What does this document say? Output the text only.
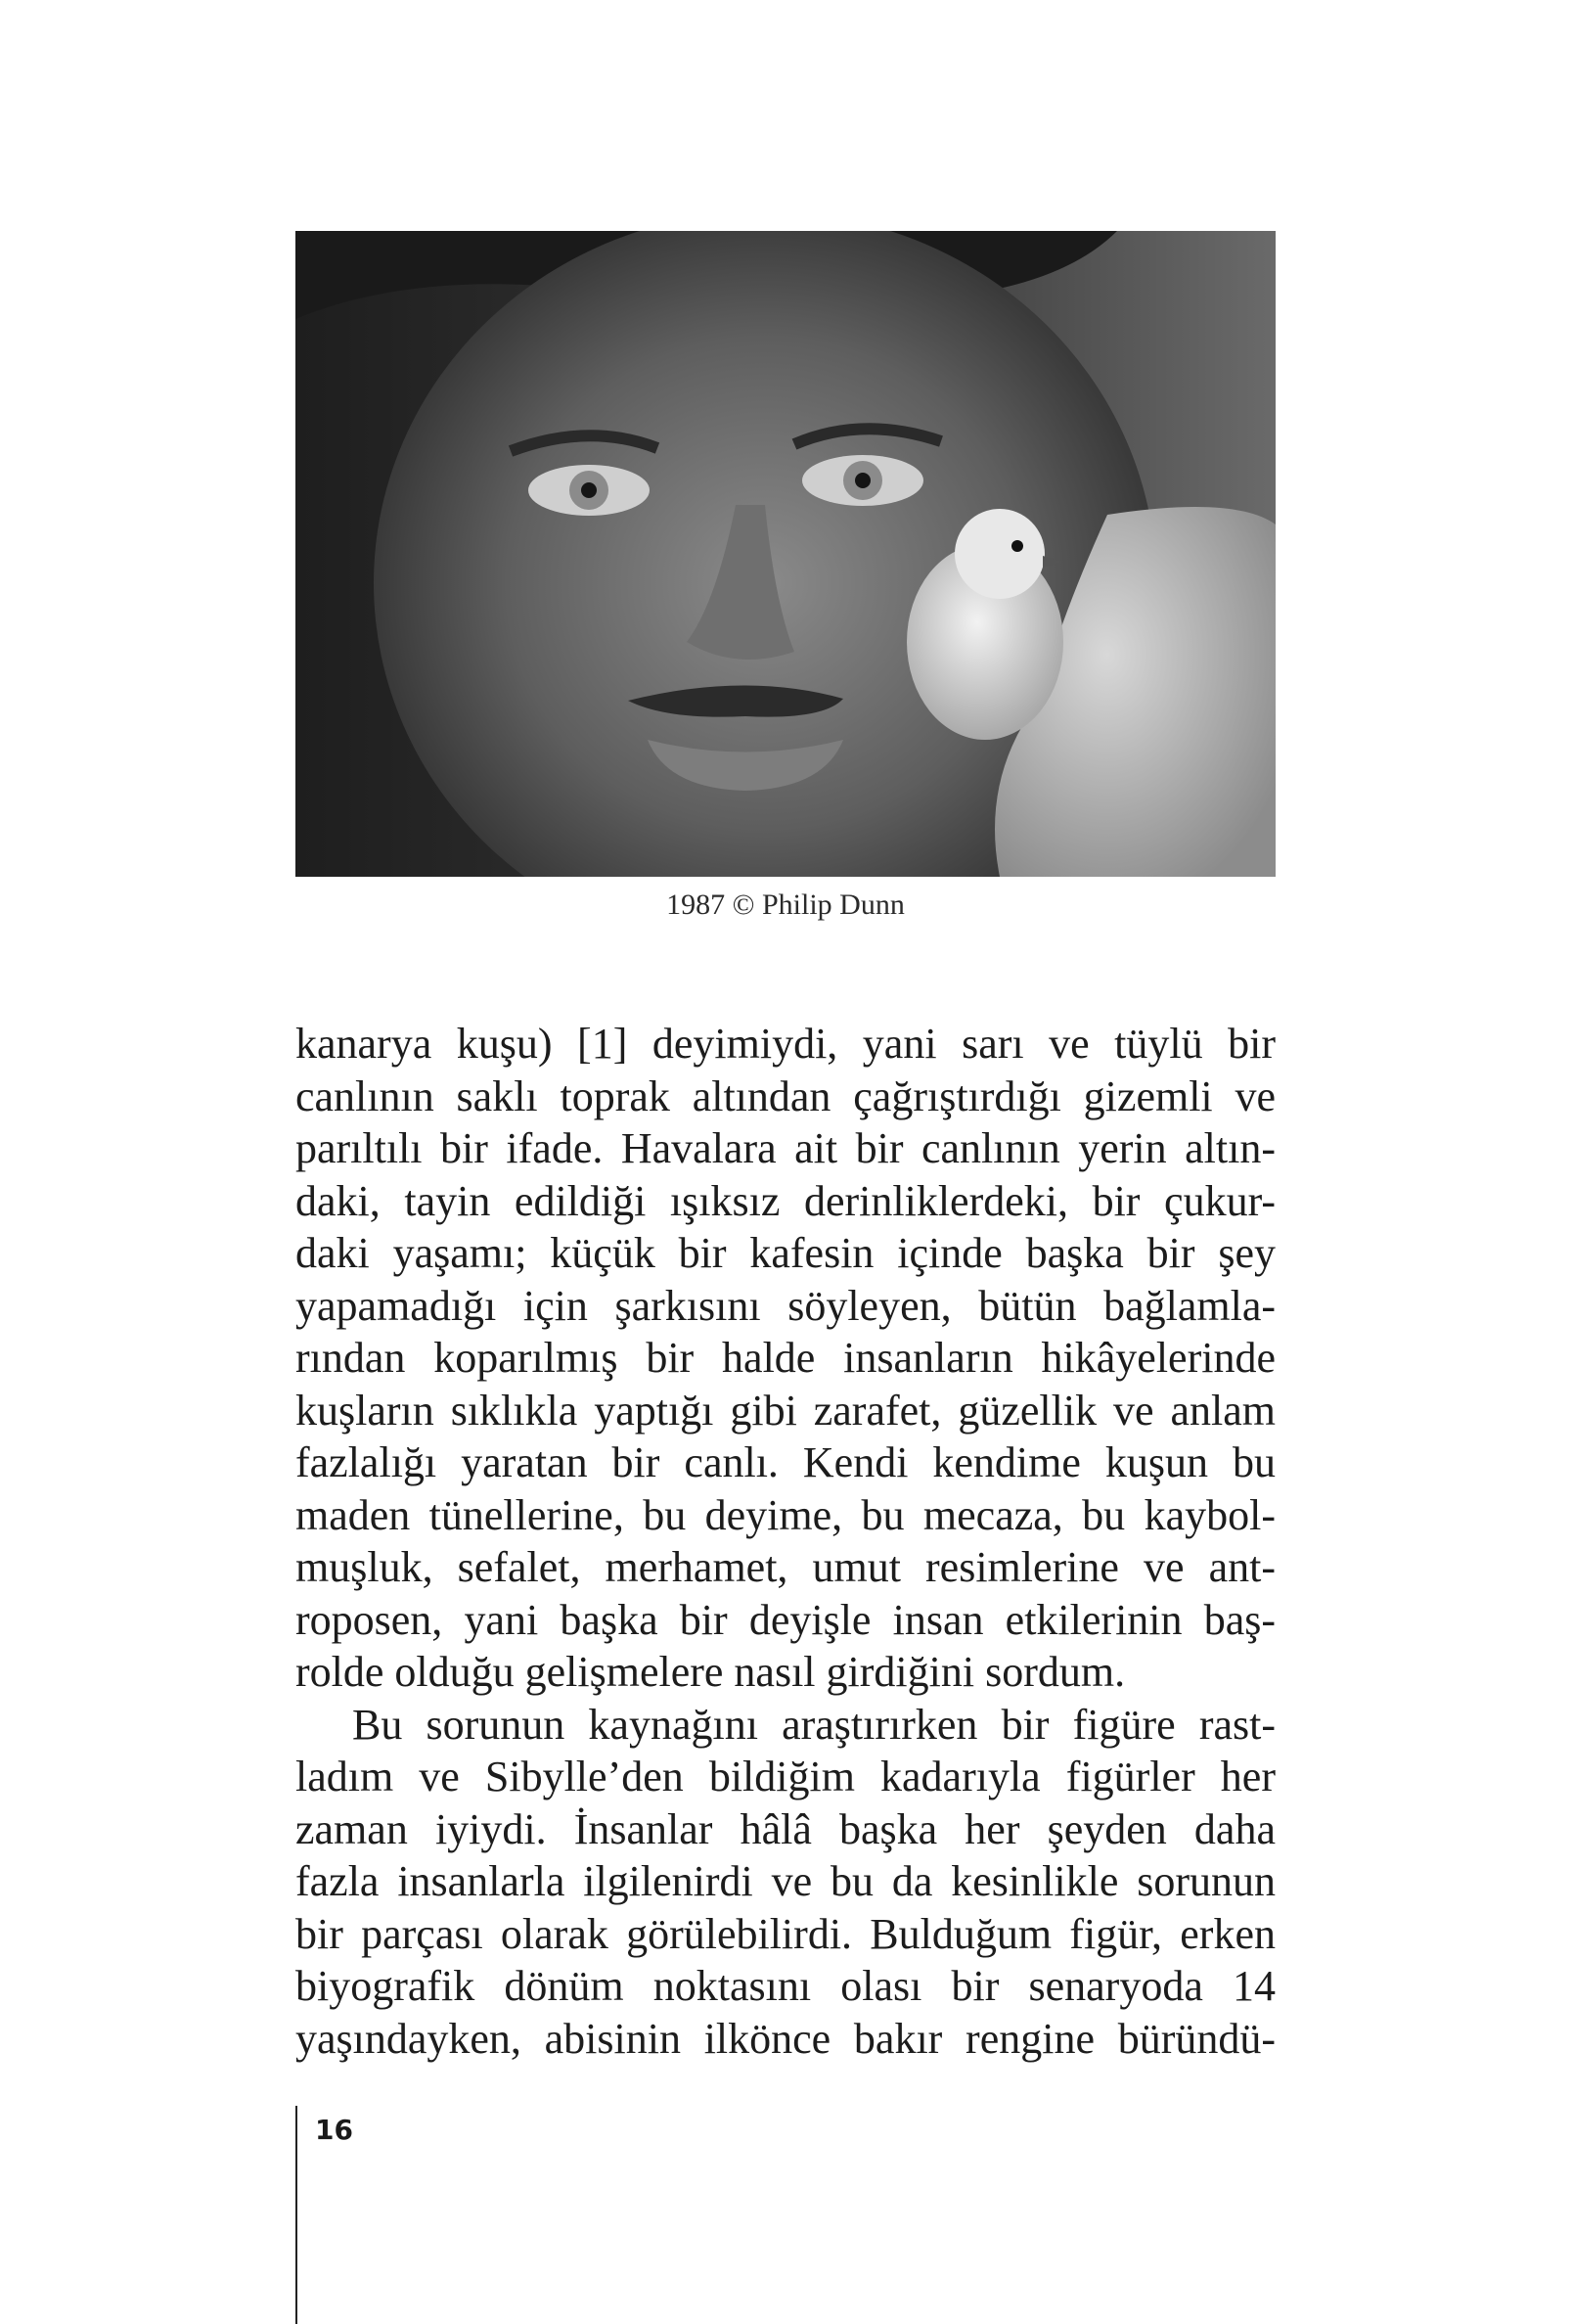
1987 © Philip Dunn
kanarya kuşu) [1] deyimiydi, yani sarı ve tüylü bir
canlının saklı toprak altından çağrıştırdığı gizemli ve
parıltılı bir ifade. Havalara ait bir canlının yerin altın-
daki, tayin edildiği ışıksız derinliklerdeki, bir çukur-
daki yaşamı; küçük bir kafesin içinde başka bir şey
yapamadığı için şarkısını söyleyen, bütün bağlamla-
rından koparılmış bir halde insanların hikâyelerinde
kuşların sıklıkla yaptığı gibi zarafet, güzellik ve anlam
fazlalığı yaratan bir canlı. Kendi kendime kuşun bu
maden tünellerine, bu deyime, bu mecaza, bu kaybol-
muşluk, sefalet, merhamet, umut resimlerine ve ant-
roposen, yani başka bir deyişle insan etkilerinin baş-
rolde olduğu gelişmelere nasıl girdiğini sordum.
Bu sorunun kaynağını araştırırken bir figüre rast-
ladım ve Sibylle’den bildiğim kadarıyla figürler her
zaman iyiydi. İnsanlar hâlâ başka her şeyden daha
fazla insanlarla ilgilenirdi ve bu da kesinlikle sorunun
bir parçası olarak görülebilirdi. Bulduğum figür, erken
biyografik dönüm noktasını olası bir senaryoda 14
yaşındayken, abisinin ilkönce bakır rengine büründü-
16
